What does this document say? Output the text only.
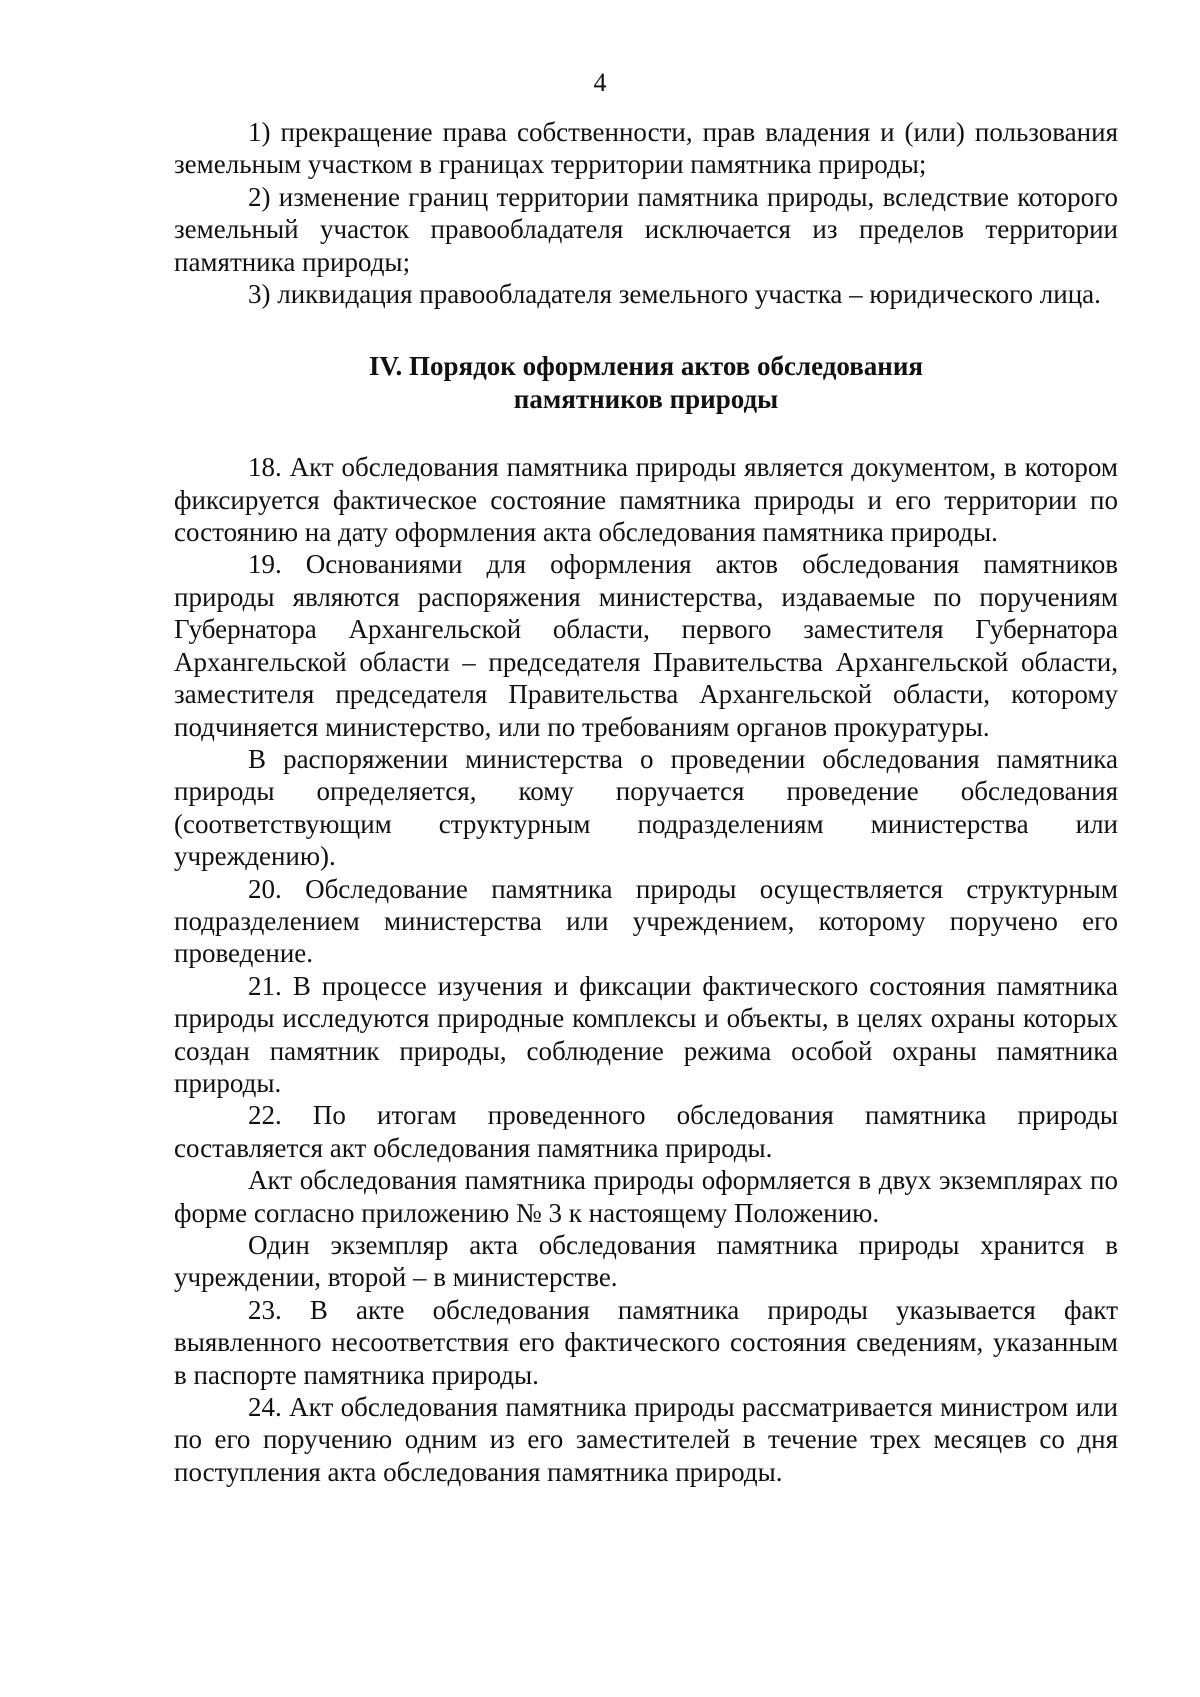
4

1) прекращение права собственности, прав владения и (или) пользования земельным участком в границах территории памятника природы;

2) изменение границ территории памятника природы, вследствие которого земельный участок правообладателя исключается из пределов территории памятника природы;

3) ликвидация правообладателя земельного участка – юридического лица.

IV. Порядок оформления актов обследования
памятников природы

18. Акт обследования памятника природы является документом, в котором фиксируется фактическое состояние памятника природы и его территории по состоянию на дату оформления акта обследования памятника природы.

19. Основаниями для оформления актов обследования памятников природы являются распоряжения министерства, издаваемые по поручениям Губернатора Архангельской области, первого заместителя Губернатора Архангельской области – председателя Правительства Архангельской области, заместителя председателя Правительства Архангельской области, которому подчиняется министерство, или по требованиям органов прокуратуры.

В распоряжении министерства о проведении обследования памятника природы определяется, кому поручается проведение обследования (соответствующим структурным подразделениям министерства или учреждению).

20. Обследование памятника природы осуществляется структурным подразделением министерства или учреждением, которому поручено его проведение.

21. В процессе изучения и фиксации фактического состояния памятника природы исследуются природные комплексы и объекты, в целях охраны которых создан памятник природы, соблюдение режима особой охраны памятника природы.

22. По итогам проведенного обследования памятника природы составляется акт обследования памятника природы.

Акт обследования памятника природы оформляется в двух экземплярах по форме согласно приложению № 3 к настоящему Положению.

Один экземпляр акта обследования памятника природы хранится в учреждении, второй – в министерстве.

23. В акте обследования памятника природы указывается факт выявленного несоответствия его фактического состояния сведениям, указанным в паспорте памятника природы.

24. Акт обследования памятника природы рассматривается министром или по его поручению одним из его заместителей в течение трех месяцев со дня поступления акта обследования памятника природы.
